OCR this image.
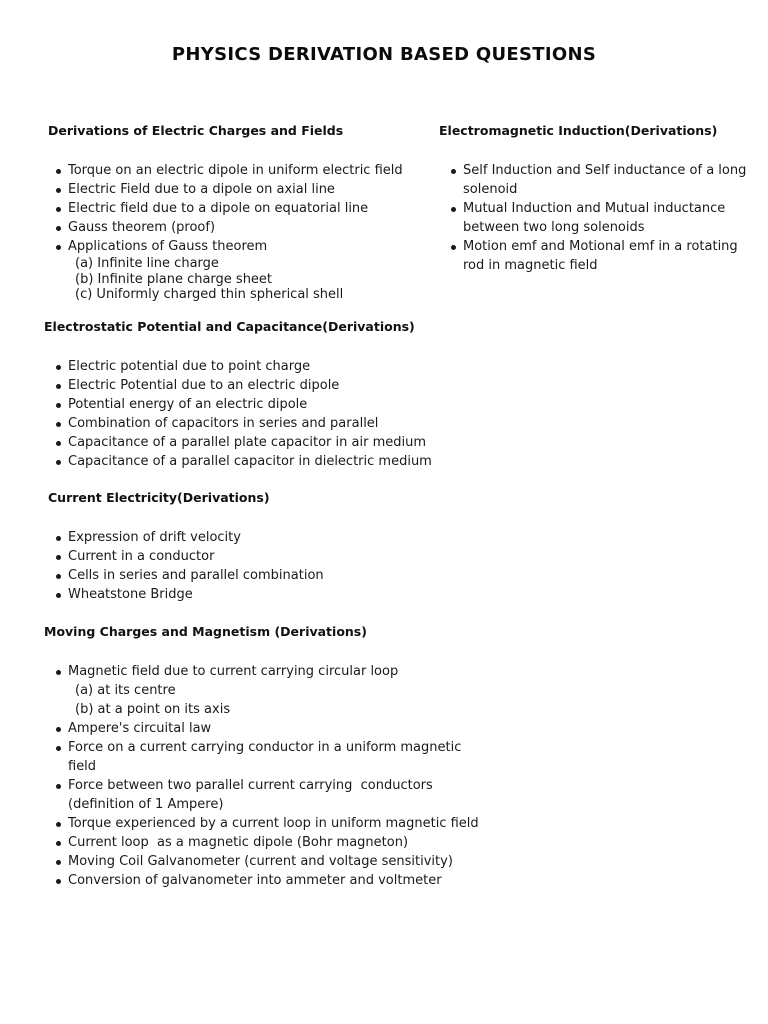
PHYSICS DERIVATION BASED QUESTIONS
Derivations of Electric Charges and Fields
Torque on an electric dipole in uniform electric field
Electric Field due to a dipole on axial line
Electric field due to a dipole on equatorial line
Gauss theorem (proof)
Applications of Gauss theorem
(a) Infinite line charge
(b) Infinite plane charge sheet
(c) Uniformly charged thin spherical shell
Electromagnetic Induction(Derivations)
Self Induction and Self inductance of a long solenoid
Mutual Induction and Mutual inductance between two long solenoids
Motion emf and Motional emf in a rotating rod in magnetic field
Electrostatic Potential and Capacitance(Derivations)
Electric potential due to point charge
Electric Potential due to an electric dipole
Potential energy of an electric dipole
Combination of capacitors in series and parallel
Capacitance of a parallel plate capacitor in air medium
Capacitance of a parallel capacitor in dielectric medium
Current Electricity(Derivations)
Expression of drift velocity
Current in a conductor
Cells in series and parallel combination
Wheatstone Bridge
Moving Charges and Magnetism (Derivations)
Magnetic field due to current carrying circular loop
(a) at its centre
(b) at a point on its axis
Ampere's circuital law
Force on a current carrying conductor in a uniform magnetic field
Force between two parallel current carrying  conductors (definition of 1 Ampere)
Torque experienced by a current loop in uniform magnetic field
Current loop  as a magnetic dipole (Bohr magneton)
Moving Coil Galvanometer (current and voltage sensitivity)
Conversion of galvanometer into ammeter and voltmeter
